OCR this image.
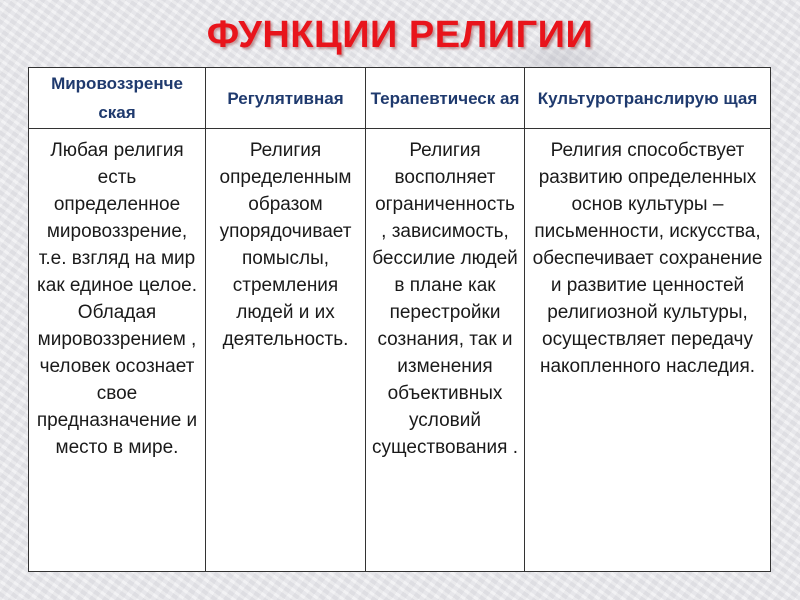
ФУНКЦИИ РЕЛИГИИ
Мировоззренче ская	Регулятивная	Терапевтическ ая	Культуротранслирую щая
Любая религия есть определенное мировоззрение, т.е. взгляд на мир как единое целое. Обладая мировоззрением , человек осознает свое предназначение и место в мире.	Религия определенным образом упорядочивает помыслы, стремления людей и их деятельность.	Религия восполняет ограниченность , зависимость, бессилие людей в плане как перестройки сознания, так и изменения объективных условий существования .	Религия способствует развитию определенных основ культуры – письменности, искусства, обеспечивает сохранение и развитие ценностей религиозной культуры, осуществляет передачу накопленного наследия.
